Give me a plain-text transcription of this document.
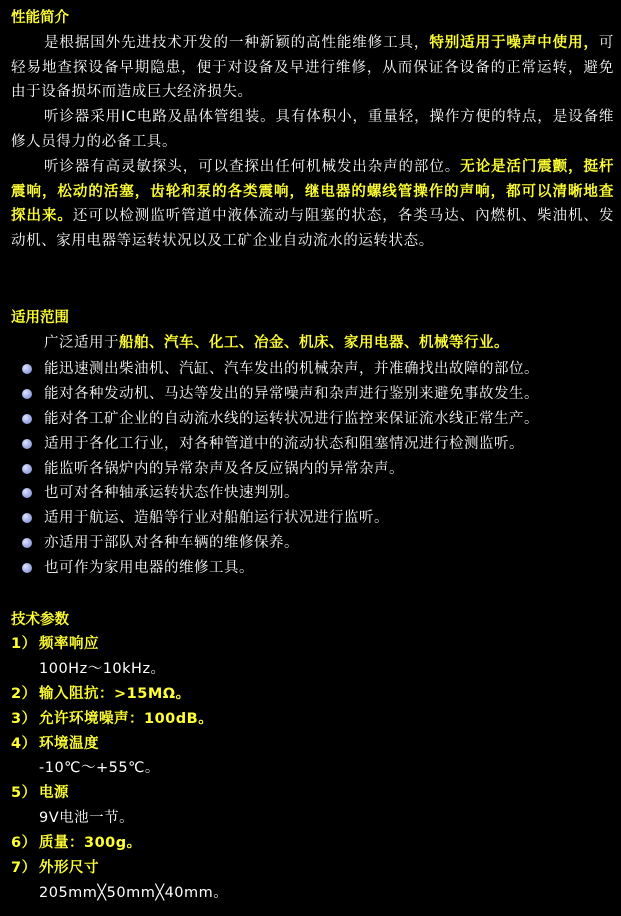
性能简介
是根据国外先进技术开发的一种新颖的高性能维修工具，特别适用于噪声中使用，可轻易地查探设备早期隐患，便于对设备及早进行维修，从而保证各设备的正常运转，避免由于设备损坏而造成巨大经济损失。
听诊器采用IC电路及晶体管组装。具有体积小，重量轻，操作方便的特点，是设备维修人员得力的必备工具。
听诊器有高灵敏探头，可以查探出任何机械发出杂声的部位。无论是活门震颤，挺杆震响，松动的活塞，齿轮和泵的各类震响，继电器的螺线管操作的声响，都可以清晰地查探出来。还可以检测监听管道中液体流动与阻塞的状态，各类马达、內燃机、柴油机、发动机、家用电器等运转状况以及工矿企业自动流水的运转状态。
适用范围
广泛适用于船舶、汽车、化工、冶金、机床、家用电器、机械等行业。
能迅速测出柴油机、汽缸、汽车发出的机械杂声，并准确找出故障的部位。
能对各种发动机、马达等发出的异常噪声和杂声进行鉴别来避免事故发生。
能对各工矿企业的自动流水线的运转状况进行监控来保证流水线正常生产。
适用于各化工行业，对各种管道中的流动状态和阻塞情况进行检测监听。
能监听各锅炉内的异常杂声及各反应锅内的异常杂声。
也可对各种轴承运转状态作快速判别。
适用于航运、造船等行业对船舶运行状况进行监听。
亦适用于部队对各种车辆的维修保养。
也可作为家用电器的维修工具。
技术参数
1） 频率响应
100Hz～10kHz。
2） 输入阻抗：>15MΩ。
3） 允许环境噪声：100dB。
4） 环境温度
-10℃～+55℃。
5） 电源
9V电池一节。
6） 质量：300g。
7） 外形尺寸
205mm╳50mm╳40mm。
